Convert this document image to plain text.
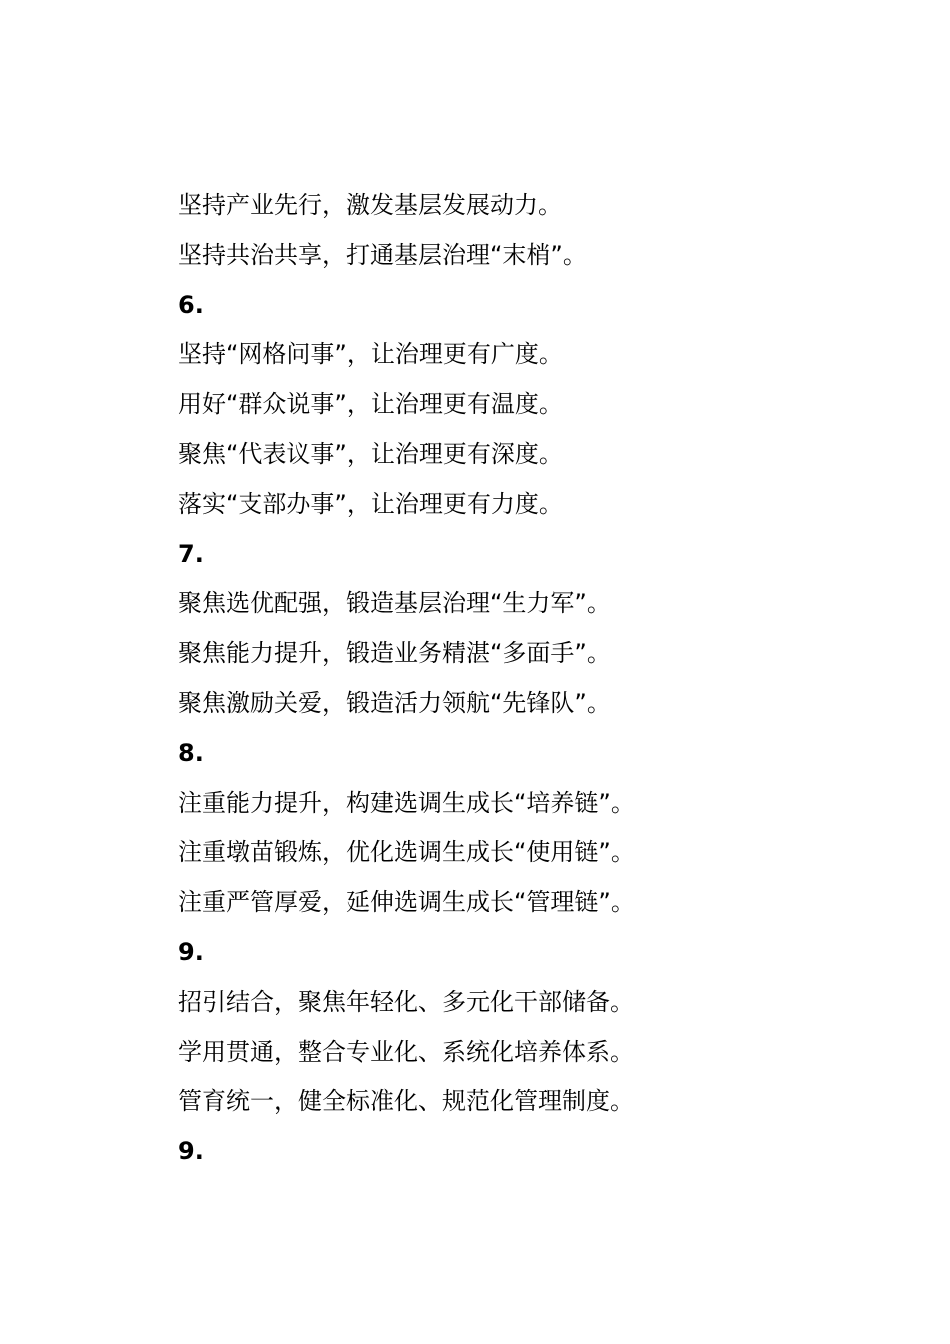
坚持产业先行，激发基层发展动力。
坚持共治共享，打通基层治理“末梢”。
6.
坚持“网格问事”，让治理更有广度。
用好“群众说事”，让治理更有温度。
聚焦“代表议事”，让治理更有深度。
落实“支部办事”，让治理更有力度。
7.
聚焦选优配强，锻造基层治理“生力军”。
聚焦能力提升，锻造业务精湛“多面手”。
聚焦激励关爱，锻造活力领航“先锋队”。
8.
注重能力提升，构建选调生成长“培养链”。
注重墩苗锻炼，优化选调生成长“使用链”。
注重严管厚爱，延伸选调生成长“管理链”。
9.
招引结合，聚焦年轻化、多元化干部储备。
学用贯通，整合专业化、系统化培养体系。
管育统一，健全标准化、规范化管理制度。
9.
